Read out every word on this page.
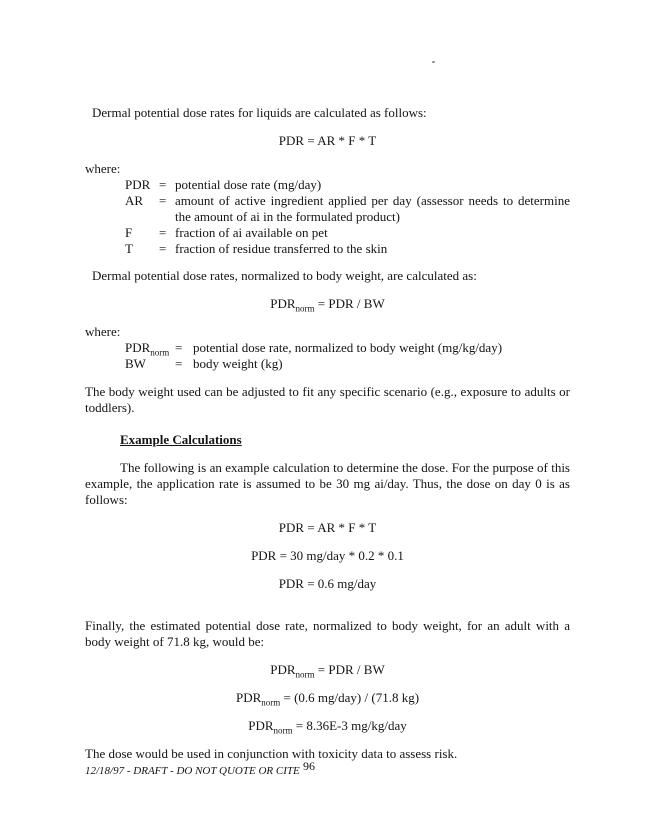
Dermal potential dose rates for liquids are calculated as follows:

PDR = AR * F * T

where:

PDR = potential dose rate (mg/day)
AR	= amount of active ingredient applied per day (assessor needs to determine the amount of ai in the formulated product)
F	= fraction of ai available on pet
T	= fraction of residue transferred to the skin

Dermal potential dose rates, normalized to body weight, are calculated as:

$PDR_{norm}$ = PDR / BW

where:

$PDR_{norm}$ = potential dose rate, normalized to body weight (mg/kg/day)
BW	= body weight (kg)

The body weight used can be adjusted to fit any specific scenario (e.g., exposure to adults or toddlers).

Example Calculations

The following is an example calculation to determine the dose. For the purpose of this example, the application rate is assumed to be 30 mg ai/day. Thus, the dose on day 0 is as follows:

PDR = AR * F * T

PDR = 30 mg/day * 0.2 * 0.1

PDR = 0.6 mg/day

Finally, the estimated potential dose rate, normalized to body weight, for an adult with a body weight of 71.8 kg, would be:

$PDR_{norm}$ = PDR / BW

$PDR_{norm} = (0.6$ mg/day) / (71.8 kg)

$PDR_{norm} = 8.36E-3$ mg/kg/day

The dose would be used in conjunction with toxicity data to assess risk.

12/18/97 - DRAFT - DO NOT QUOTE OR CITE 96
